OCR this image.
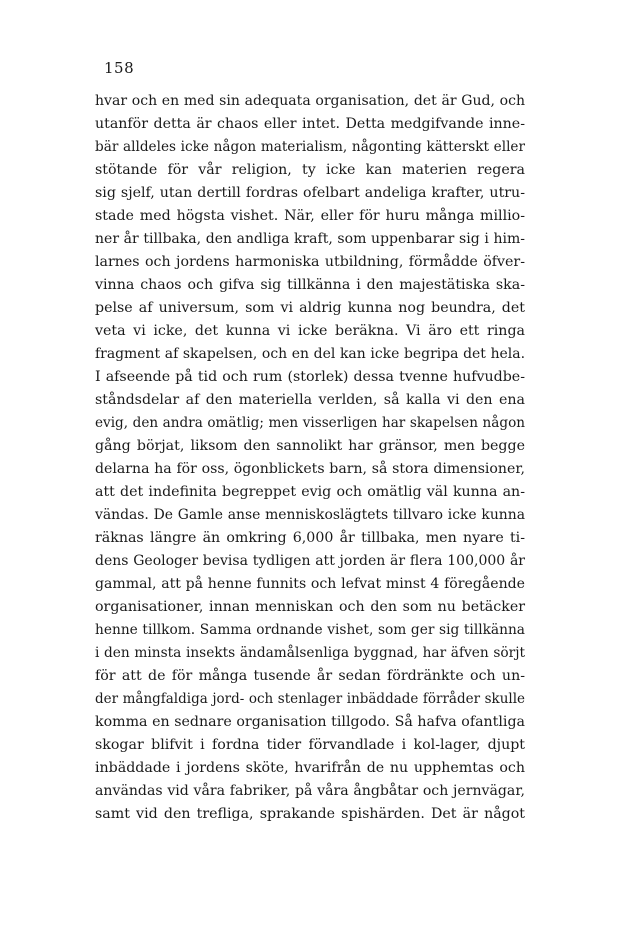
158
hvar och en med sin adequata organisation, det är Gud, och
utanför detta är chaos eller intet. Detta medgifvande inne-
bär alldeles icke någon materialism, någonting kätterskt eller
stötande för vår religion, ty icke kan materien regera
sig sjelf, utan dertill fordras ofelbart andeliga krafter, utru-
stade med högsta vishet. När, eller för huru många millio-
ner år tillbaka, den andliga kraft, som uppenbarar sig i him-
larnes och jordens harmoniska utbildning, förmådde öfver-
vinna chaos och gifva sig tillkänna i den majestätiska ska-
pelse af universum, som vi aldrig kunna nog beundra, det
veta vi icke, det kunna vi icke beräkna. Vi äro ett ringa
fragment af skapelsen, och en del kan icke begripa det hela.
I afseende på tid och rum (storlek) dessa tvenne hufvudbe-
ståndsdelar af den materiella verlden, så kalla vi den ena
evig, den andra omätlig; men visserligen har skapelsen någon
gång börjat, liksom den sannolikt har gränsor, men begge
delarna ha för oss, ögonblickets barn, så stora dimensioner,
att det indefinita begreppet evig och omätlig väl kunna an-
vändas. De Gamle anse menniskoslägtets tillvaro icke kunna
räknas längre än omkring 6,000 år tillbaka, men nyare ti-
dens Geologer bevisa tydligen att jorden är flera 100,000 år
gammal, att på henne funnits och lefvat minst 4 föregående
organisationer, innan menniskan och den som nu betäcker
henne tillkom. Samma ordnande vishet, som ger sig tillkänna
i den minsta insekts ändamålsenliga byggnad, har äfven sörjt
för att de för många tusende år sedan fördränkte och un-
der mångfaldiga jord- och stenlager inbäddade förråder skulle
komma en sednare organisation tillgodo. Så hafva ofantliga
skogar blifvit i fordna tider förvandlade i kol-lager, djupt
inbäddade i jordens sköte, hvarifrån de nu upphemtas och
användas vid våra fabriker, på våra ångbåtar och jernvägar,
samt vid den trefliga, sprakande spishärden. Det är något
